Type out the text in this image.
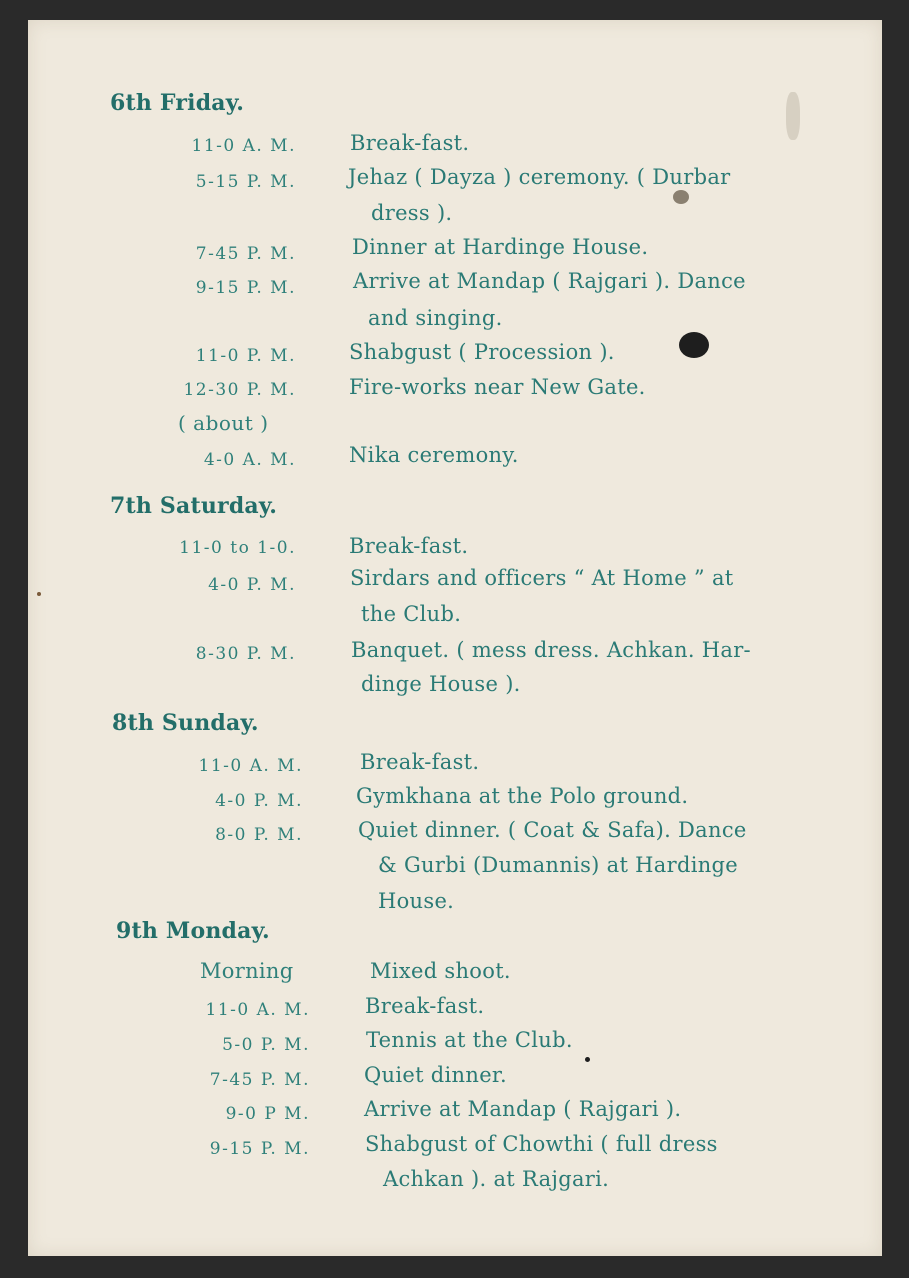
6th Friday.
11-0 A. M.	Break-fast.
5-15 P. M. Jehaz ( Dayza ) ceremony. ( Durbar
dress ).
7-45 P. M.	Dinner at Hardinge House.
9-15 P. M.	Arrive at Mandap ( Rajgari ). Dance
and singing.
11-0 P. M.	Shabgust ( Procession ).
12-30 P. M.	Fire-works near New Gate.
( about )
4-0 A. M.	Nika ceremony.
7th Saturday.
11-0 to 1-0.	Break-fast.
4-0 P. M.	Sirdars and officers “ At Home ” at
the Club.
8-30 P. M.	Banquet. ( mess dress. Achkan. Har-
dinge House ).
8th Sunday.
11-0 A. M.	Break-fast.
4-0 P. M.	Gymkhana at the Polo ground.
8-0 P. M.	Quiet dinner. ( Coat & Safa). Dance
& Gurbi (Dumannis) at Hardinge
House.
9th Monday.
Morning	Mixed shoot.
11-0 A. M.	Break-fast.
5-0 P. M.	Tennis at the Club.
7-45 P. M.	Quiet dinner.
9-0 P M.	Arrive at Mandap ( Rajgari ).
9-15 P. M.	Shabgust of Chowthi ( full dress
Achkan ). at Rajgari.
